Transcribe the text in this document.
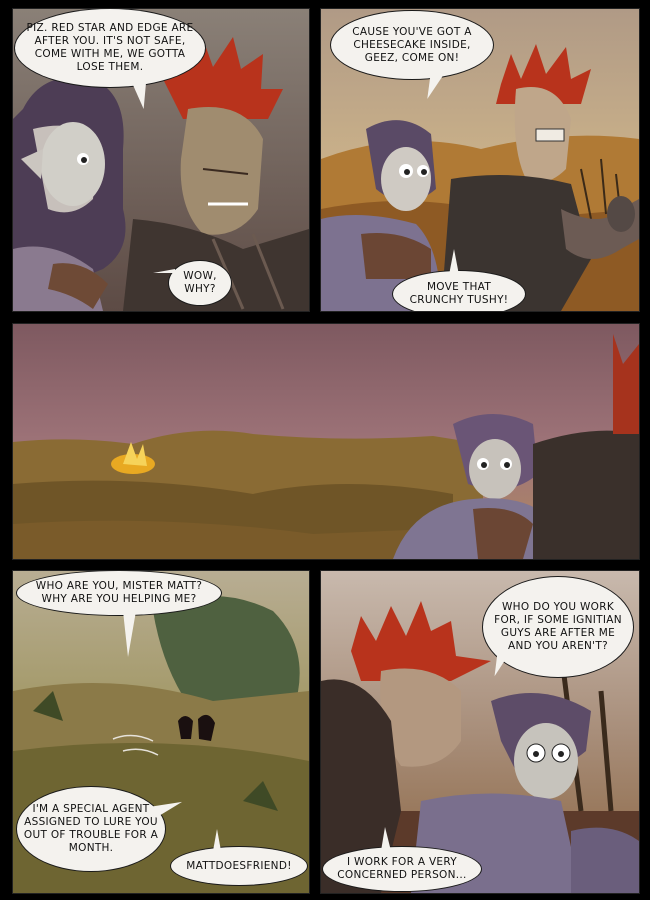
PIZ. RED STAR AND EDGE ARE AFTER YOU. IT'S NOT SAFE, COME WITH ME, WE GOTTA LOSE THEM.
WOW, WHY?
CAUSE YOU'VE GOT A CHEESECAKE INSIDE, GEEZ, COME ON!
MOVE THAT CRUNCHY TUSHY!
WHO ARE YOU, MISTER MATT? WHY ARE YOU HELPING ME?
I'M A SPECIAL AGENT ASSIGNED TO LURE YOU OUT OF TROUBLE FOR A MONTH.
MATTDOESFRIEND!
WHO DO YOU WORK FOR, IF SOME IGNITIAN GUYS ARE AFTER ME AND YOU AREN'T?
I WORK FOR A VERY CONCERNED PERSON...
